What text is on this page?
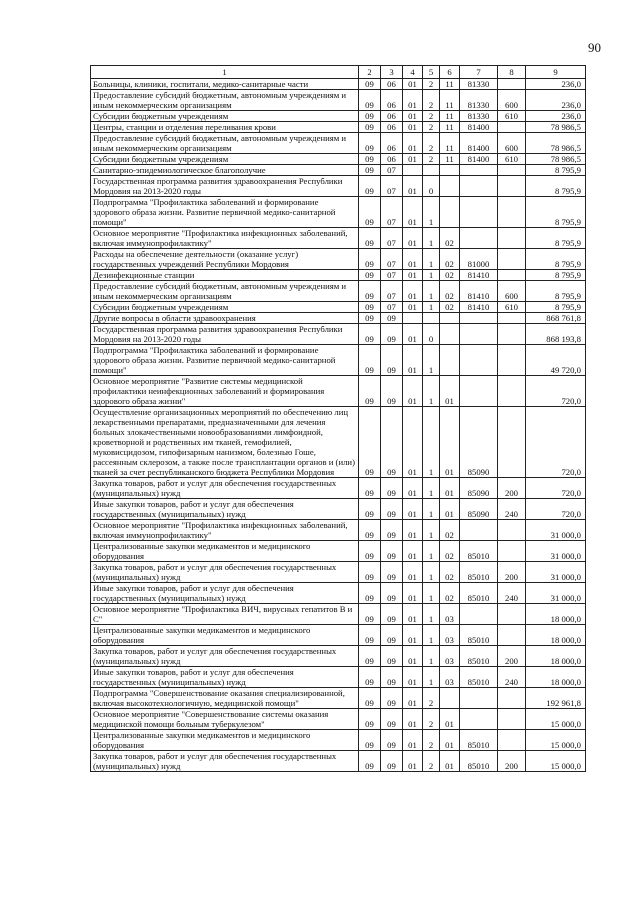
90
1	2	3	4	5	6	7	8	9
Больницы, клиники, госпитали, медико-санитарные части	09	06	01	2	11	81330		236,0
Предоставление субсидий бюджетным, автономным учреждениям и иным некоммерческим организациям	09	06	01	2	11	81330	600	236,0
Субсидии бюджетным учреждениям	09	06	01	2	11	81330	610	236,0
Центры, станции и отделения переливания крови	09	06	01	2	11	81400		78 986,5
Предоставление субсидий бюджетным, автономным учреждениям и иным некоммерческим организациям	09	06	01	2	11	81400	600	78 986,5
Субсидии бюджетным учреждениям	09	06	01	2	11	81400	610	78 986,5
Санитарно-эпидемиологическое благополучие	09	07						8 795,9
Государственная программа развития здравоохранения Республики Мордовия на 2013-2020 годы	09	07	01	0				8 795,9
Подпрограмма "Профилактика заболеваний и формирование здорового образа жизни. Развитие первичной медико-санитарной помощи"	09	07	01	1				8 795,9
Основное мероприятие "Профилактика инфекционных заболеваний, включая иммунопрофилактику"	09	07	01	1	02			8 795,9
Расходы на обеспечение деятельности (оказание услуг) государственных учреждений Республики Мордовия	09	07	01	1	02	81000		8 795,9
Дезинфекционные станции	09	07	01	1	02	81410		8 795,9
Предоставление субсидий бюджетным, автономным учреждениям и иным некоммерческим организациям	09	07	01	1	02	81410	600	8 795,9
Субсидии бюджетным учреждениям	09	07	01	1	02	81410	610	8 795,9
Другие вопросы в области здравоохранения	09	09						868 761,8
Государственная программа развития здравоохранения Республики Мордовия на 2013-2020 годы	09	09	01	0				868 193,8
Подпрограмма "Профилактика заболеваний и формирование здорового образа жизни. Развитие первичной медико-санитарной помощи"	09	09	01	1				49 720,0
Основное мероприятие "Развитие системы медицинской профилактики неинфекционных заболеваний и формирования здорового образа жизни"	09	09	01	1	01			720,0
Осуществление организационных мероприятий по обеспечению лиц лекарственными препаратами, предназначенными для лечения больных злокачественными новообразованиями лимфоидной, кроветворной и родственных им тканей, гемофилией, муковисцидозом, гипофизарным нанизмом, болезнью Гоше, рассеянным склерозом, а также после трансплантации органов и (или) тканей за счет республиканского бюджета Республики Мордовия	09	09	01	1	01	85090		720,0
Закупка товаров, работ и услуг для обеспечения государственных (муниципальных) нужд	09	09	01	1	01	85090	200	720,0
Иные закупки товаров, работ и услуг для обеспечения государственных (муниципальных) нужд	09	09	01	1	01	85090	240	720,0
Основное мероприятие "Профилактика инфекционных заболеваний, включая иммунопрофилактику"	09	09	01	1	02			31 000,0
Централизованные закупки медикаментов и медицинского оборудования	09	09	01	1	02	85010		31 000,0
Закупка товаров, работ и услуг для обеспечения государственных (муниципальных) нужд	09	09	01	1	02	85010	200	31 000,0
Иные закупки товаров, работ и услуг для обеспечения государственных (муниципальных) нужд	09	09	01	1	02	85010	240	31 000,0
Основное мероприятие "Профилактика ВИЧ, вирусных гепатитов В и С"	09	09	01	1	03			18 000,0
Централизованные закупки медикаментов и медицинского оборудования	09	09	01	1	03	85010		18 000,0
Закупка товаров, работ и услуг для обеспечения государственных (муниципальных) нужд	09	09	01	1	03	85010	200	18 000,0
Иные закупки товаров, работ и услуг для обеспечения государственных (муниципальных) нужд	09	09	01	1	03	85010	240	18 000,0
Подпрограмма "Совершенствование оказания специализированной, включая высокотехнологичную, медицинской помощи"	09	09	01	2				192 961,8
Основное мероприятие "Совершенствование системы оказания медицинской помощи больным туберкулезом"	09	09	01	2	01			15 000,0
Централизованные закупки медикаментов и медицинского оборудования	09	09	01	2	01	85010		15 000,0
Закупка товаров, работ и услуг для обеспечения государственных (муниципальных) нужд	09	09	01	2	01	85010	200	15 000,0
